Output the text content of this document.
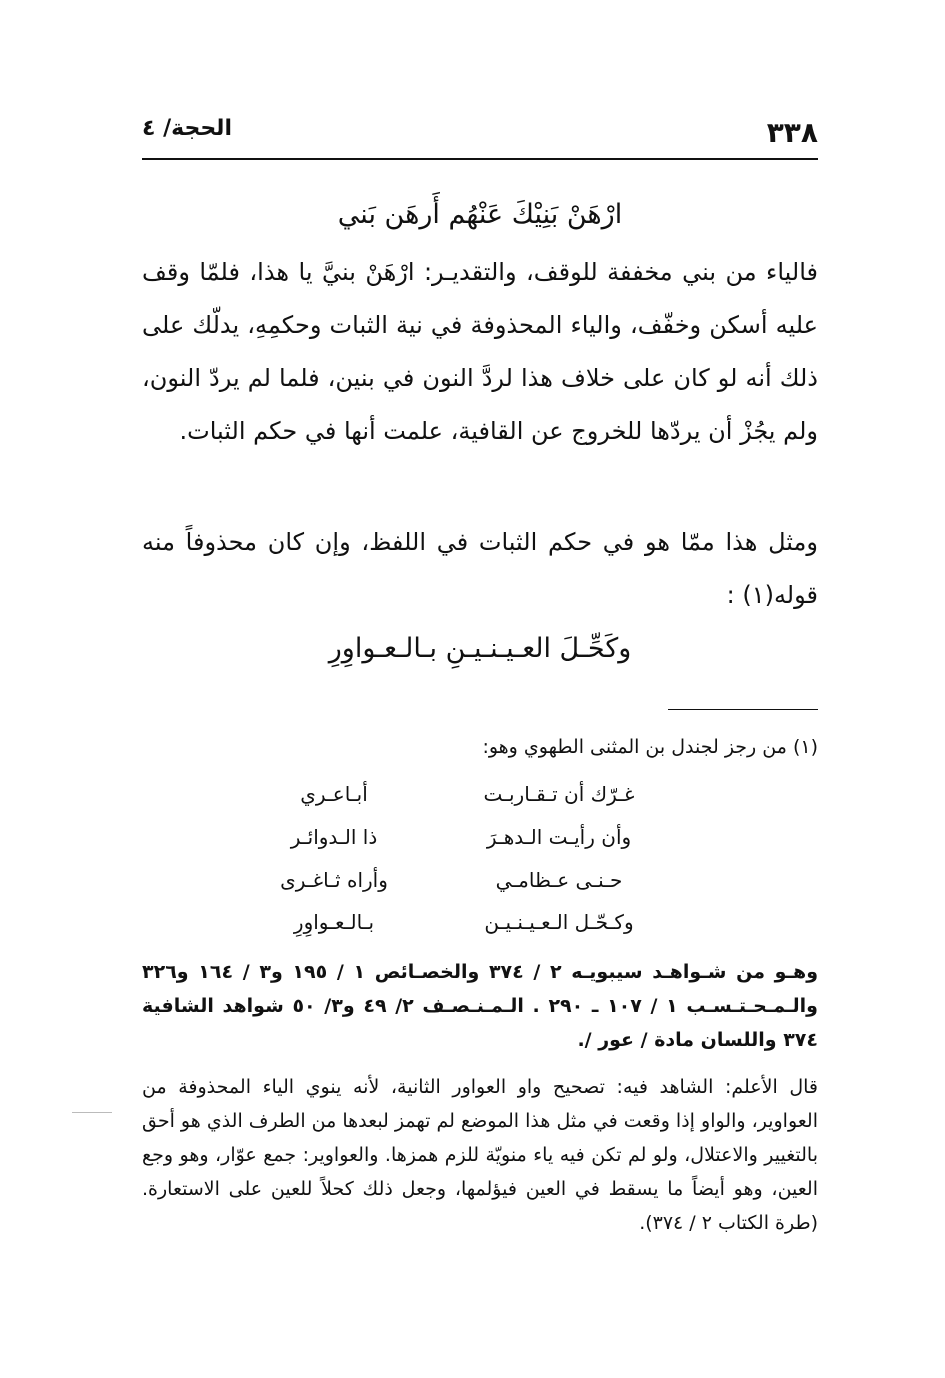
٣٣٨
الحجة/ ٤
ارْهَنْ بَنِيْكَ عَنْهُم أَرهَن بَني
فالياء من بني مخففة للوقف، والتقديـر: ارْهَنْ بنيَّ يا هذا، فلمّا وقف عليه أسكن وخفّف، والياء المحذوفة في نية الثبات وحكمِهِ، يدلّك على ذلك أنه لو كان على خلاف هذا لردَّ النون في بنين، فلما لم يردّ النون، ولم يجُزْ أن يردّها للخروج عن القافية، علمت أنها في حكم الثبات.
ومثل هذا ممّا هو في حكم الثبات في اللفظ، وإن كان محذوفاً منه قوله(١) :
وكَحِّـلَ العـيـنـيـنِ بـالـعـواوِرِ
(١) من رجز لجندل بن المثنى الطهوي وهو:
غـرّك أن تـقـاربـت
أبـاعـري
وأن رأيـت الـدهـرَ
ذا الـدوائـر
حـنـى عـظامـي
وأراه ثـاغـرى
وكـحّـل الـعـيـنـيـن
بـالـعـواوِرِ
وهـو من شـواهـد سيبويـه ٢ / ٣٧٤ والخصـائص ١ / ١٩٥ و٣ / ١٦٤ و٣٢٦ والـمـحـتـسـب ١ / ١٠٧ ـ ٢٩٠ . الـمـنـصـف ٢/ ٤٩ و٣/ ٥٠ شواهد الشافية ٣٧٤ واللسان مادة / عور /.
قال الأعلم: الشاهد فيه: تصحيح واو العواور الثانية، لأنه ينوي الياء المحذوفة من العواوير، والواو إذا وقعت في مثل هذا الموضع لم تهمز لبعدها من الطرف الذي هو أحق بالتغيير والاعتلال، ولو لم تكن فيه ياء منويّة للزم همزها. والعواوير: جمع عوّار، وهو وجع العين، وهو أيضاً ما يسقط في العين فيؤلمها، وجعل ذلك كحلاً للعين على الاستعارة. (طرة الكتاب ٢ / ٣٧٤).
